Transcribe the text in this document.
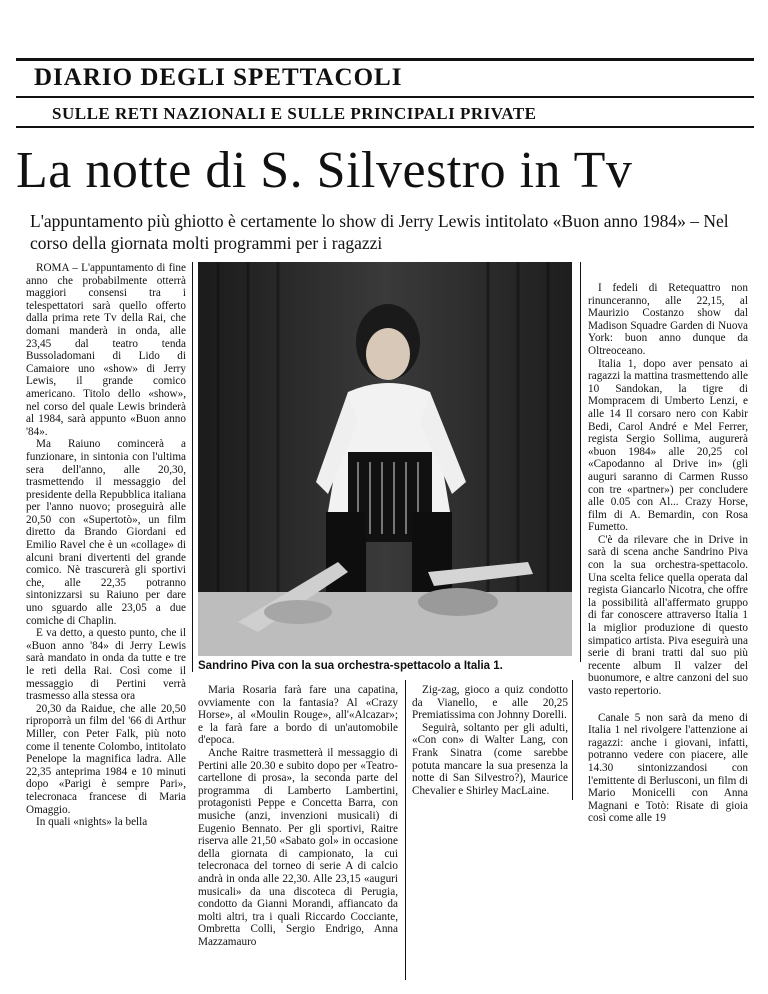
DIARIO DEGLI SPETTACOLI
SULLE RETI NAZIONALI E SULLE PRINCIPALI PRIVATE
La notte di S. Silvestro in Tv
L'appuntamento più ghiotto è certamente lo show di Jerry Lewis intitolato «Buon anno 1984» – Nel corso della giornata molti programmi per i ragazzi

ROMA – L'appuntamento di fine anno che probabilmente otterrà maggiori consensi tra i telespettatori sarà quello offerto dalla prima rete Tv della Rai, che domani manderà in onda, alle 23,45 dal teatro tenda Bussoladomani di Lido di Camaiore uno «show» di Jerry Lewis, il grande comico americano. Titolo dello «show», nel corso del quale Lewis brinderà al 1984, sarà appunto «Buon anno '84».

Ma Raiuno comincerà a funzionare, in sintonia con l'ultima sera dell'anno, alle 20,30, trasmettendo il messaggio del presidente della Repubblica italiana per l'anno nuovo; proseguirà alle 20,50 con «Supertotò», un film diretto da Brando Giordani ed Emilio Ravel che è un «collage» di alcuni brani divertenti del grande comico. Nè trascurerà gli sportivi che, alle 22,35 potranno sintonizzarsi su Raiuno per dare uno sguardo alle 23,05 a due comiche di Chaplin.

E va detto, a questo punto, che il «Buon anno '84» di Jerry Lewis sarà mandato in onda da tutte e tre le reti della Rai. Così come il messaggio di Pertini verrà trasmesso alla stessa ora

20,30 da Raidue, che alle 20,50 riproporrà un film del '66 di Arthur Miller, con Peter Falk, più noto come il tenente Colombo, intitolato Penelope la magnifica ladra. Alle 22,35 anteprima 1984 e 10 minuti dopo «Parigi è sempre Pari», telecronaca francese di Maria Omaggio.

In quali «nights» la bella

Sandrino Piva con la sua orchestra-spettacolo a Italia 1.

Maria Rosaria farà fare una capatina, ovviamente con la fantasia? Al «Crazy Horse», al «Moulin Rouge», all'«Alcazar»; e la farà fare a bordo di un'automobile d'epoca.

Anche Raitre trasmetterà il messaggio di Pertini alle 20.30 e subito dopo per «Teatro-cartellone di prosa», la seconda parte del programma di Lamberto Lambertini, protagonisti Peppe e Concetta Barra, con musiche (anzi, invenzioni musicali) di Eugenio Bennato. Per gli sportivi, Raitre riserva alle 21,50 «Sabato gol» in occasione della giornata di campionato, la cui telecronaca del torneo di serie A di calcio andrà in onda alle 22,30. Alle 23,15 «auguri musicali» da una discoteca di Perugia, condotto da Gianni Morandi, affiancato da molti altri, tra i quali Riccardo Cocciante, Ombretta Colli, Sergio Endrigo, Anna Mazzamauro

Zig-zag, gioco a quiz condotto da Vianello, e alle 20,25 Premiatissima con Johnny Dorelli.

Seguirà, soltanto per gli adulti, «Con con» di Walter Lang, con Frank Sinatra (come sarebbe potuta mancare la sua presenza la notte di San Silvestro?), Maurice Chevalier e Shirley MacLaine.

I fedeli di Retequattro non rinunceranno, alle 22,15, al Maurizio Costanzo show dal Madison Squadre Garden di Nuova York: buon anno dunque da Oltreoceano.

Italia 1, dopo aver pensato ai ragazzi la mattina trasmettendo alle 10 Sandokan, la tigre di Mompracem di Umberto Lenzi, e alle 14 Il corsaro nero con Kabir Bedi, Carol André e Mel Ferrer, regista Sergio Sollima, augurerà «buon 1984» alle 20,25 col «Capodanno al Drive in» (gli auguri saranno di Carmen Russo con tre «partner») per concludere alle 0.05 con Al... Crazy Horse, film di A. Bemardin, con Rosa Fumetto.

C'è da rilevare che in Drive in sarà di scena anche Sandrino Piva con la sua orchestra-spettacolo. Una scelta felice quella operata dal regista Giancarlo Nicotra, che offre la possibilità all'affermato gruppo di far conoscere attraverso Italia 1 la miglior produzione di questo simpatico artista. Piva eseguirà una serie di brani tratti dal suo più recente album Il valzer del buonumore, e altre canzoni del suo vasto repertorio.

Canale 5 non sarà da meno di Italia 1 nel rivolgere l'attenzione ai ragazzi: anche i giovani, infatti, potranno vedere con piacere, alle 14.30 sintonizzandosi con l'emittente di Berlusconi, un film di Mario Monicelli con Anna Magnani e Totò: Risate di gioia così come alle 19
